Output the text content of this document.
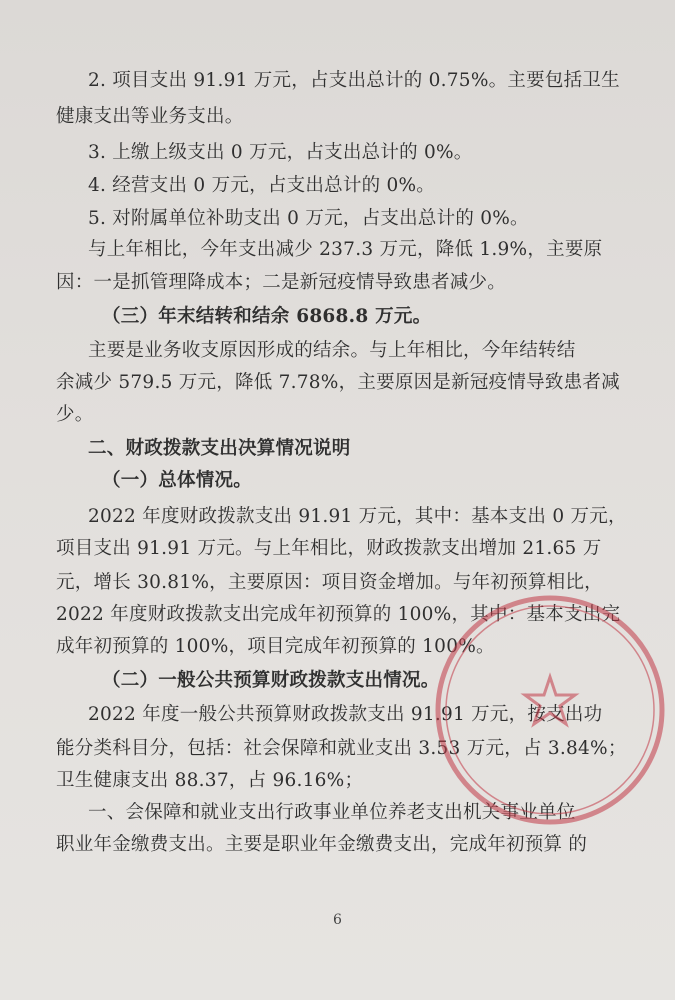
2. 项目支出 91.91 万元，占支出总计的 0.75%。主要包括卫生
健康支出等业务支出。
3. 上缴上级支出 0 万元，占支出总计的 0%。
4. 经营支出 0 万元，占支出总计的 0%。
5. 对附属单位补助支出 0 万元，占支出总计的 0%。
与上年相比，今年支出减少 237.3 万元，降低 1.9%，主要原
因：一是抓管理降成本；二是新冠疫情导致患者减少。
（三）年末结转和结余 6868.8 万元。
主要是业务收支原因形成的结余。与上年相比，今年结转结
余减少 579.5 万元，降低 7.78%，主要原因是新冠疫情导致患者减
少。
二、财政拨款支出决算情况说明
（一）总体情况。
2022 年度财政拨款支出 91.91 万元，其中：基本支出 0 万元，
项目支出 91.91 万元。与上年相比，财政拨款支出增加 21.65 万
元，增长 30.81%，主要原因：项目资金增加。与年初预算相比，
2022 年度财政拨款支出完成年初预算的 100%，其中：基本支出完
成年初预算的 100%，项目完成年初预算的 100%。
（二）一般公共预算财政拨款支出情况。
2022 年度一般公共预算财政拨款支出 91.91 万元，按支出功
能分类科目分，包括：社会保障和就业支出 3.53 万元，占 3.84%；
卫生健康支出 88.37，占 96.16%；
一、会保障和就业支出行政事业单位养老支出机关事业单位
职业年金缴费支出。主要是职业年金缴费支出，完成年初预算 的
6
